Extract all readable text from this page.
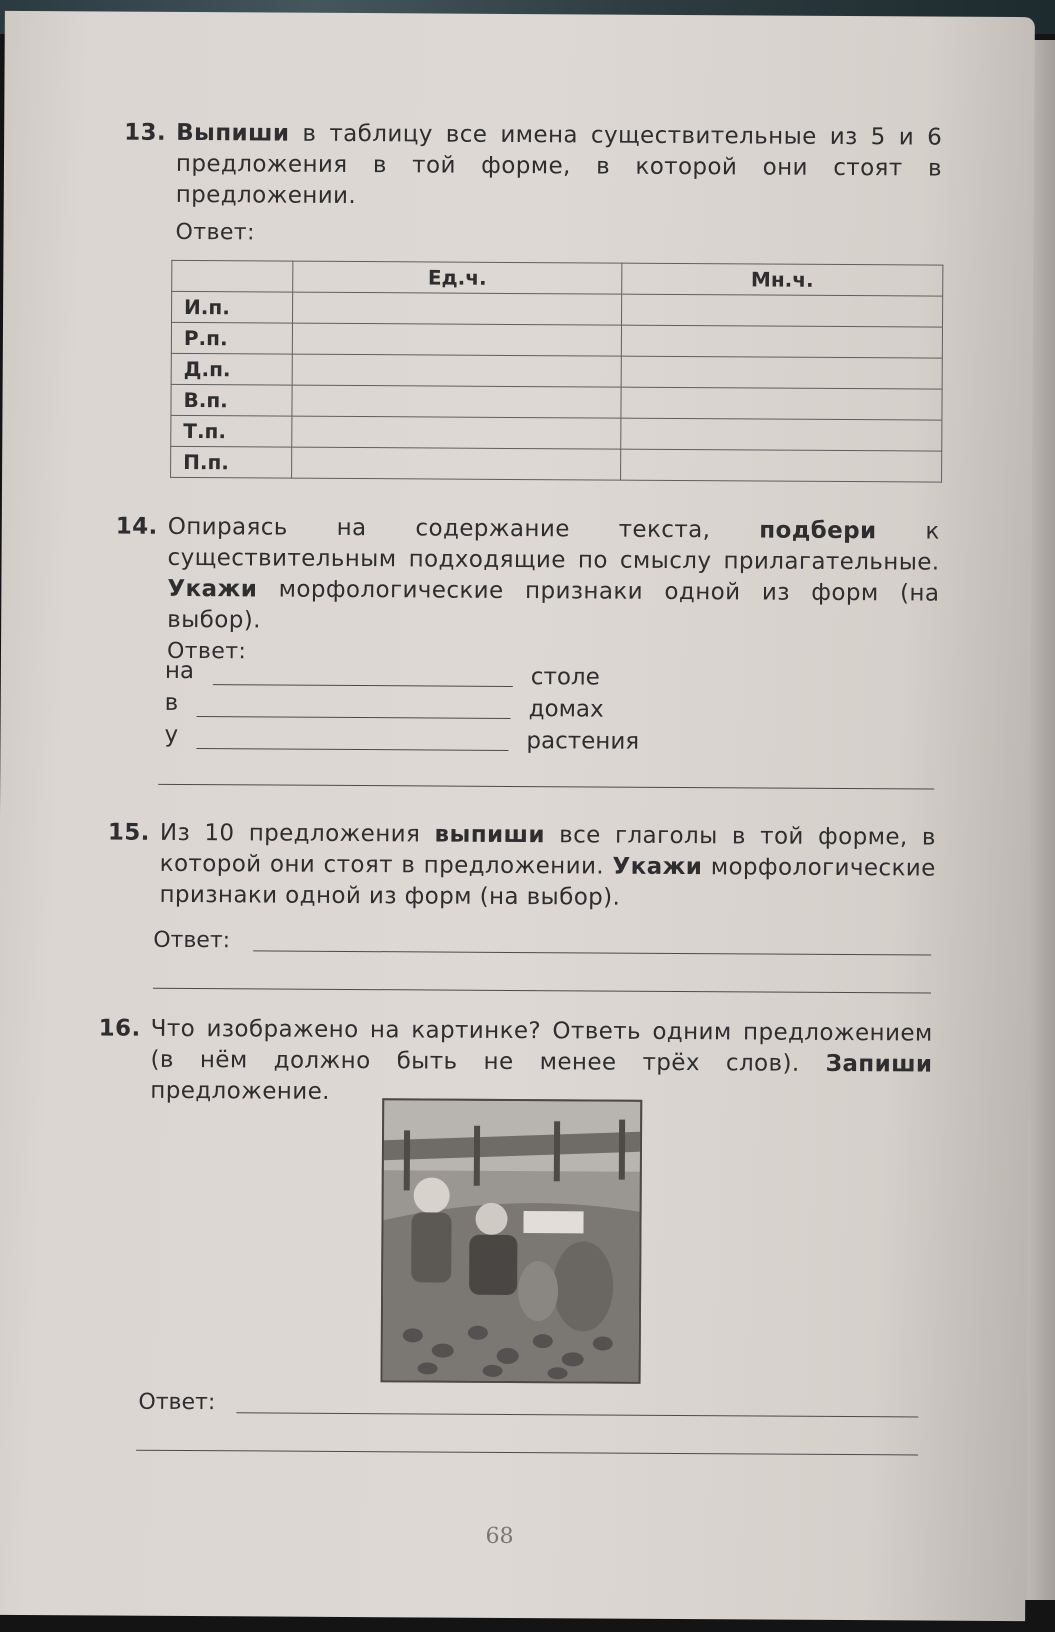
13. Выпиши в таблицу все имена существительные из 5 и 6 предложения в той форме, в которой они стоят в предложении.

Ответ:
	Ед.ч.	Мн.ч.
И.п.		
Р.п.		
Д.п.		
В.п.		
Т.п.		
П.п.		
14. Опираясь на содержание текста, подбери к существительным подходящие по смыслу прилагательные. Укажи морфологические признаки одной из форм (на выбор).

Ответ:
на	столе
в	домах
у	растения
15. Из 10 предложения выпиши все глаголы в той форме, в которой они стоят в предложении. Укажи морфологические признаки одной из форм (на выбор).

Ответ:
16. Что изображено на картинке? Ответь одним предложением (в нём должно быть не менее трёх слов). Запиши предложение.

Ответ:
68
